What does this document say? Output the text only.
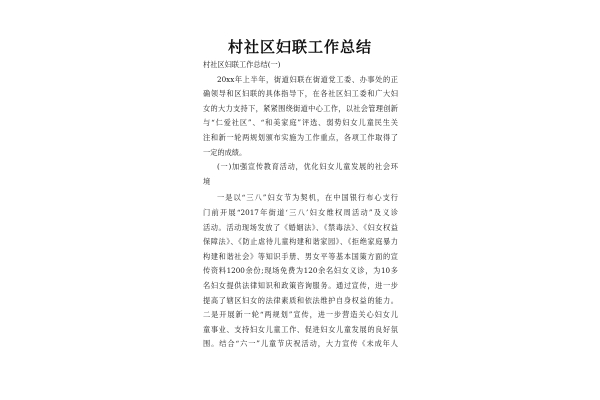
村社区妇联工作总结
村社区妇联工作总结(一)
20xx年上半年，街道妇联在街道党工委、办事处的正
确领导和区妇联的具体指导下，在各社区妇工委和广大妇
女的大力支持下，紧紧围绕街道中心工作，以社会管理创新
与“仁爱社区”、“和美家庭”评选、弱势妇女儿童民生关
注和新一轮两规划颁布实施为工作重点，各项工作取得了
一定的成绩。
(一)加强宣传教育活动，优化妇女儿童发展的社会环
境
一是以“三八”妇女节为契机，在中国银行布心支行
门前开展“2017年街道‘三八’妇女维权周活动”及义诊
活动。活动现场发放了《婚姻法》、《禁毒法》、《妇女权益
保障法》、《防止虐待儿童构建和谐家园》、《拒绝家庭暴力
构建和谐社会》等知识手册、男女平等基本国策方面的宣
传资料1200余份;现场免费为120余名妇女义诊，为10多
名妇女提供法律知识和政策咨询服务。通过宣传，进一步
提高了辖区妇女的法律素质和依法维护自身权益的能力。
二是开展新一轮“两规划”宣传，进一步营造关心妇女儿
童事业、支持妇女儿童工作、促进妇女儿童发展的良好氛
围。结合“六一”儿童节庆祝活动，大力宣传《未成年人
